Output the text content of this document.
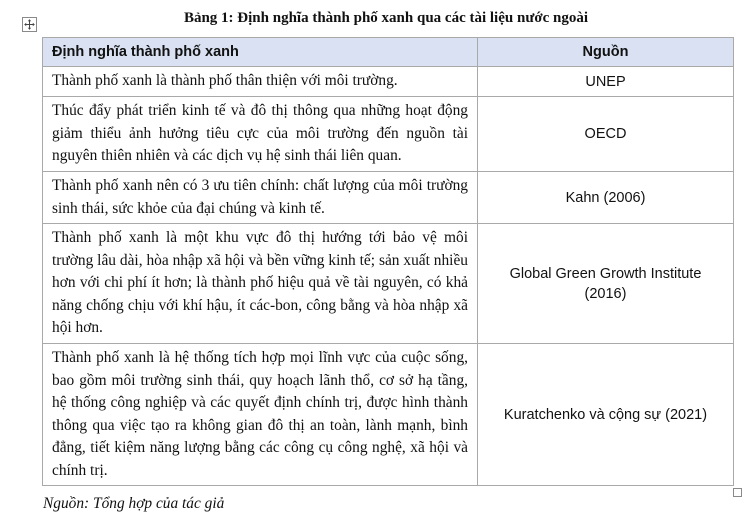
Bảng 1: Định nghĩa thành phố xanh qua các tài liệu nước ngoài
Định nghĩa thành phố xanh	Nguồn
Thành phố xanh là thành phố thân thiện với môi trường.	UNEP
Thúc đẩy phát triển kinh tế và đô thị thông qua những hoạt động giảm thiểu ảnh hưởng tiêu cực của môi trường đến nguồn tài nguyên thiên nhiên và các dịch vụ hệ sinh thái liên quan.	OECD
Thành phố xanh nên có 3 ưu tiên chính: chất lượng của môi trường sinh thái, sức khỏe của đại chúng và kinh tế.	Kahn (2006)
Thành phố xanh là một khu vực đô thị hướng tới bảo vệ môi trường lâu dài, hòa nhập xã hội và bền vững kinh tế; sản xuất nhiều hơn với chi phí ít hơn; là thành phố hiệu quả về tài nguyên, có khả năng chống chịu với khí hậu, ít các-bon, công bằng và hòa nhập xã hội hơn.	Global Green Growth Institute (2016)
Thành phố xanh là hệ thống tích hợp mọi lĩnh vực của cuộc sống, bao gồm môi trường sinh thái, quy hoạch lãnh thổ, cơ sở hạ tầng, hệ thống công nghiệp và các quyết định chính trị, được hình thành thông qua việc tạo ra không gian đô thị an toàn, lành mạnh, bình đẳng, tiết kiệm năng lượng bằng các công cụ công nghệ, xã hội và chính trị.	Kuratchenko và cộng sự (2021)
Nguồn: Tổng hợp của tác giả
